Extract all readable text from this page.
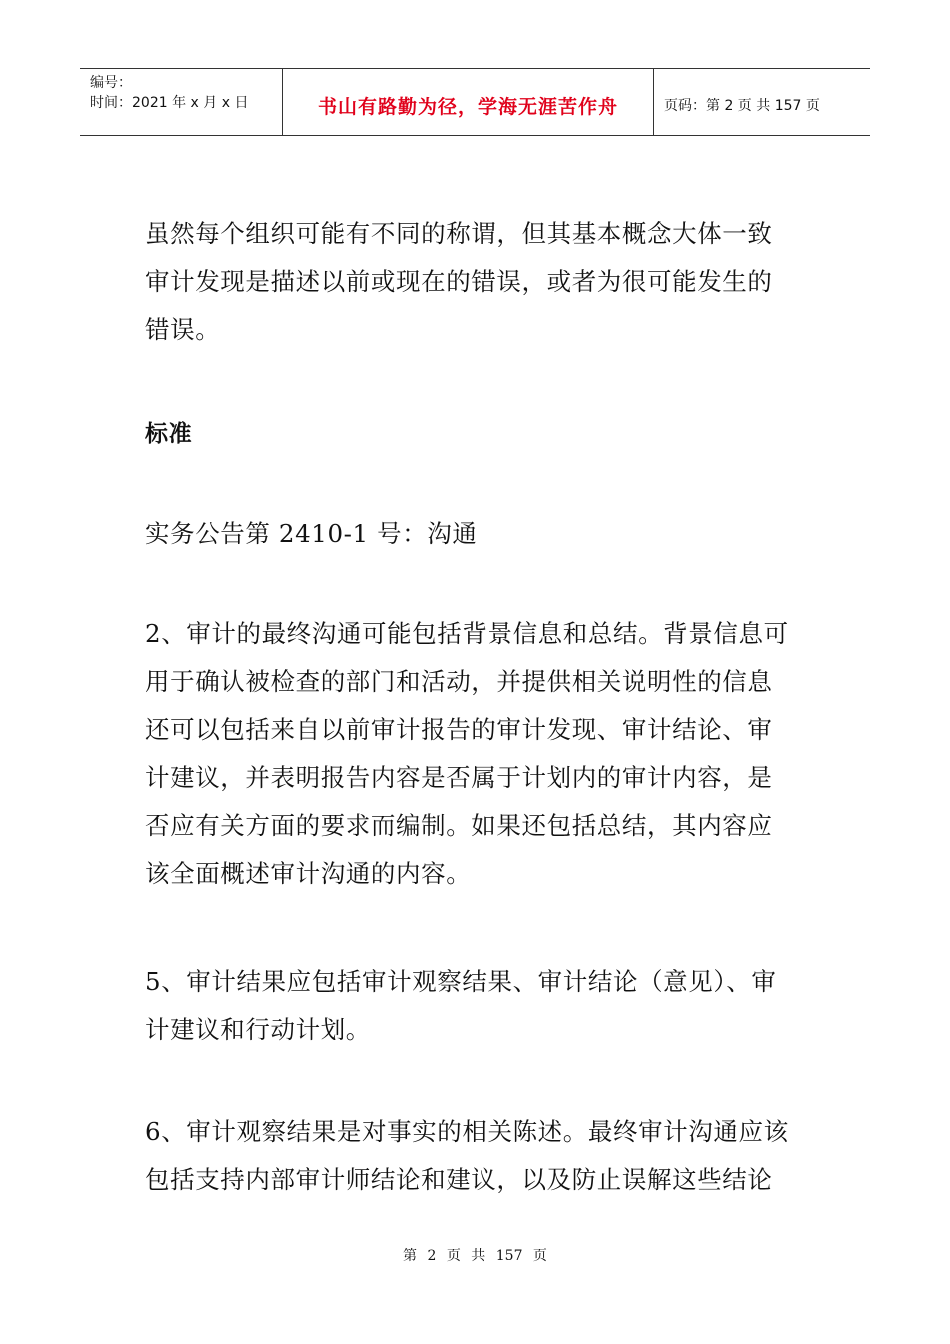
编号：
时间：2021 年 x 月 x 日	书山有路勤为径，学海无涯苦作舟	页码：第 2 页 共 157 页
虽然每个组织可能有不同的称谓，但其基本概念大体一致
审计发现是描述以前或现在的错误，或者为很可能发生的
错误。
标准
实务公告第 2410-1 号：沟通
2、审计的最终沟通可能包括背景信息和总结。背景信息可
用于确认被检查的部门和活动，并提供相关说明性的信息
还可以包括来自以前审计报告的审计发现、审计结论、审
计建议，并表明报告内容是否属于计划内的审计内容，是
否应有关方面的要求而编制。如果还包括总结，其内容应
该全面概述审计沟通的内容。
5、审计结果应包括审计观察结果、审计结论（意见）、审
计建议和行动计划。
6、审计观察结果是对事实的相关陈述。最终审计沟通应该
包括支持内部审计师结论和建议，以及防止误解这些结论
第 2 页 共 157 页
